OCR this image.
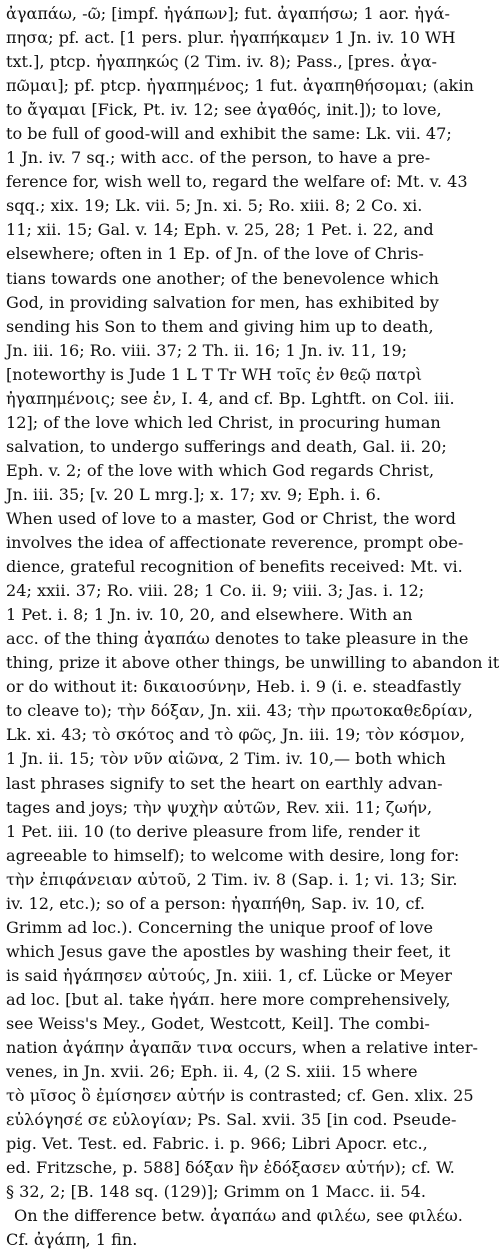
ἀγαπάω, -ῶ; [impf. ἠγάπων]; fut. ἀγαπήσω; 1 aor. ἠγά-
πησα; pf. act. [1 pers. plur. ἠγαπήκαμεν 1 Jn. iv. 10 WH
txt.], ptcp. ἠγαπηκώς (2 Tim. iv. 8); Pass., [pres. ἀγα-
πῶμαι]; pf. ptcp. ἠγαπημένος; 1 fut. ἀγαπηθήσομαι; (akin
to ἄγαμαι [Fick, Pt. iv. 12; see ἀγαθός, init.]); to love,
to be full of good-will and exhibit the same: Lk. vii. 47;
1 Jn. iv. 7 sq.; with acc. of the person, to have a pre-
ference for, wish well to, regard the welfare of: Mt. v. 43
sqq.; xix. 19; Lk. vii. 5; Jn. xi. 5; Ro. xiii. 8; 2 Co. xi.
11; xii. 15; Gal. v. 14; Eph. v. 25, 28; 1 Pet. i. 22, and
elsewhere; often in 1 Ep. of Jn. of the love of Chris-
tians towards one another; of the benevolence which
God, in providing salvation for men, has exhibited by
sending his Son to them and giving him up to death,
Jn. iii. 16; Ro. viii. 37; 2 Th. ii. 16; 1 Jn. iv. 11, 19;
[noteworthy is Jude 1 L T Tr WH τοῖς ἐν θεῷ πατρὶ
ἠγαπημένοις; see ἐν, I. 4, and cf. Bp. Lghtft. on Col. iii.
12]; of the love which led Christ, in procuring human
salvation, to undergo sufferings and death, Gal. ii. 20;
Eph. v. 2; of the love with which God regards Christ,
Jn. iii. 35; [v. 20 L mrg.]; x. 17; xv. 9; Eph. i. 6.
When used of love to a master, God or Christ, the word
involves the idea of affectionate reverence, prompt obe-
dience, grateful recognition of benefits received: Mt. vi.
24; xxii. 37; Ro. viii. 28; 1 Co. ii. 9; viii. 3; Jas. i. 12;
1 Pet. i. 8; 1 Jn. iv. 10, 20, and elsewhere. With an
acc. of the thing ἀγαπάω denotes to take pleasure in the
thing, prize it above other things, be unwilling to abandon it
or do without it: δικαιοσύνην, Heb. i. 9 (i. e. steadfastly
to cleave to); τὴν δόξαν, Jn. xii. 43; τὴν πρωτοκαθεδρίαν,
Lk. xi. 43; τὸ σκότος and τὸ φῶς, Jn. iii. 19; τὸν κόσμον,
1 Jn. ii. 15; τὸν νῦν αἰῶνα, 2 Tim. iv. 10,— both which
last phrases signify to set the heart on earthly advan-
tages and joys; τὴν ψυχὴν αὐτῶν, Rev. xii. 11; ζωήν,
1 Pet. iii. 10 (to derive pleasure from life, render it
agreeable to himself); to welcome with desire, long for:
τὴν ἐπιφάνειαν αὐτοῦ, 2 Tim. iv. 8 (Sap. i. 1; vi. 13; Sir.
iv. 12, etc.); so of a person: ἠγαπήθη, Sap. iv. 10, cf.
Grimm ad loc.). Concerning the unique proof of love
which Jesus gave the apostles by washing their feet, it
is said ἠγάπησεν αὐτούς, Jn. xiii. 1, cf. Lücke or Meyer
ad loc. [but al. take ἠγάπ. here more comprehensively,
see Weiss's Mey., Godet, Westcott, Keil]. The combi-
nation ἀγάπην ἀγαπᾶν τινα occurs, when a relative inter-
venes, in Jn. xvii. 26; Eph. ii. 4, (2 S. xiii. 15 where
τὸ μῖσος ὃ ἐμίσησεν αὐτήν is contrasted; cf. Gen. xlix. 25
εὐλόγησέ σε εὐλογίαν; Ps. Sal. xvii. 35 [in cod. Pseude-
pig. Vet. Test. ed. Fabric. i. p. 966; Libri Apocr. etc.,
ed. Fritzsche, p. 588] δόξαν ἣν ἐδόξασεν αὐτήν); cf. W.
§ 32, 2; [B. 148 sq. (129)]; Grimm on 1 Macc. ii. 54.

On the difference betw. ἀγαπάω and φιλέω, see φιλέω.
Cf. ἀγάπη, 1 fin.
